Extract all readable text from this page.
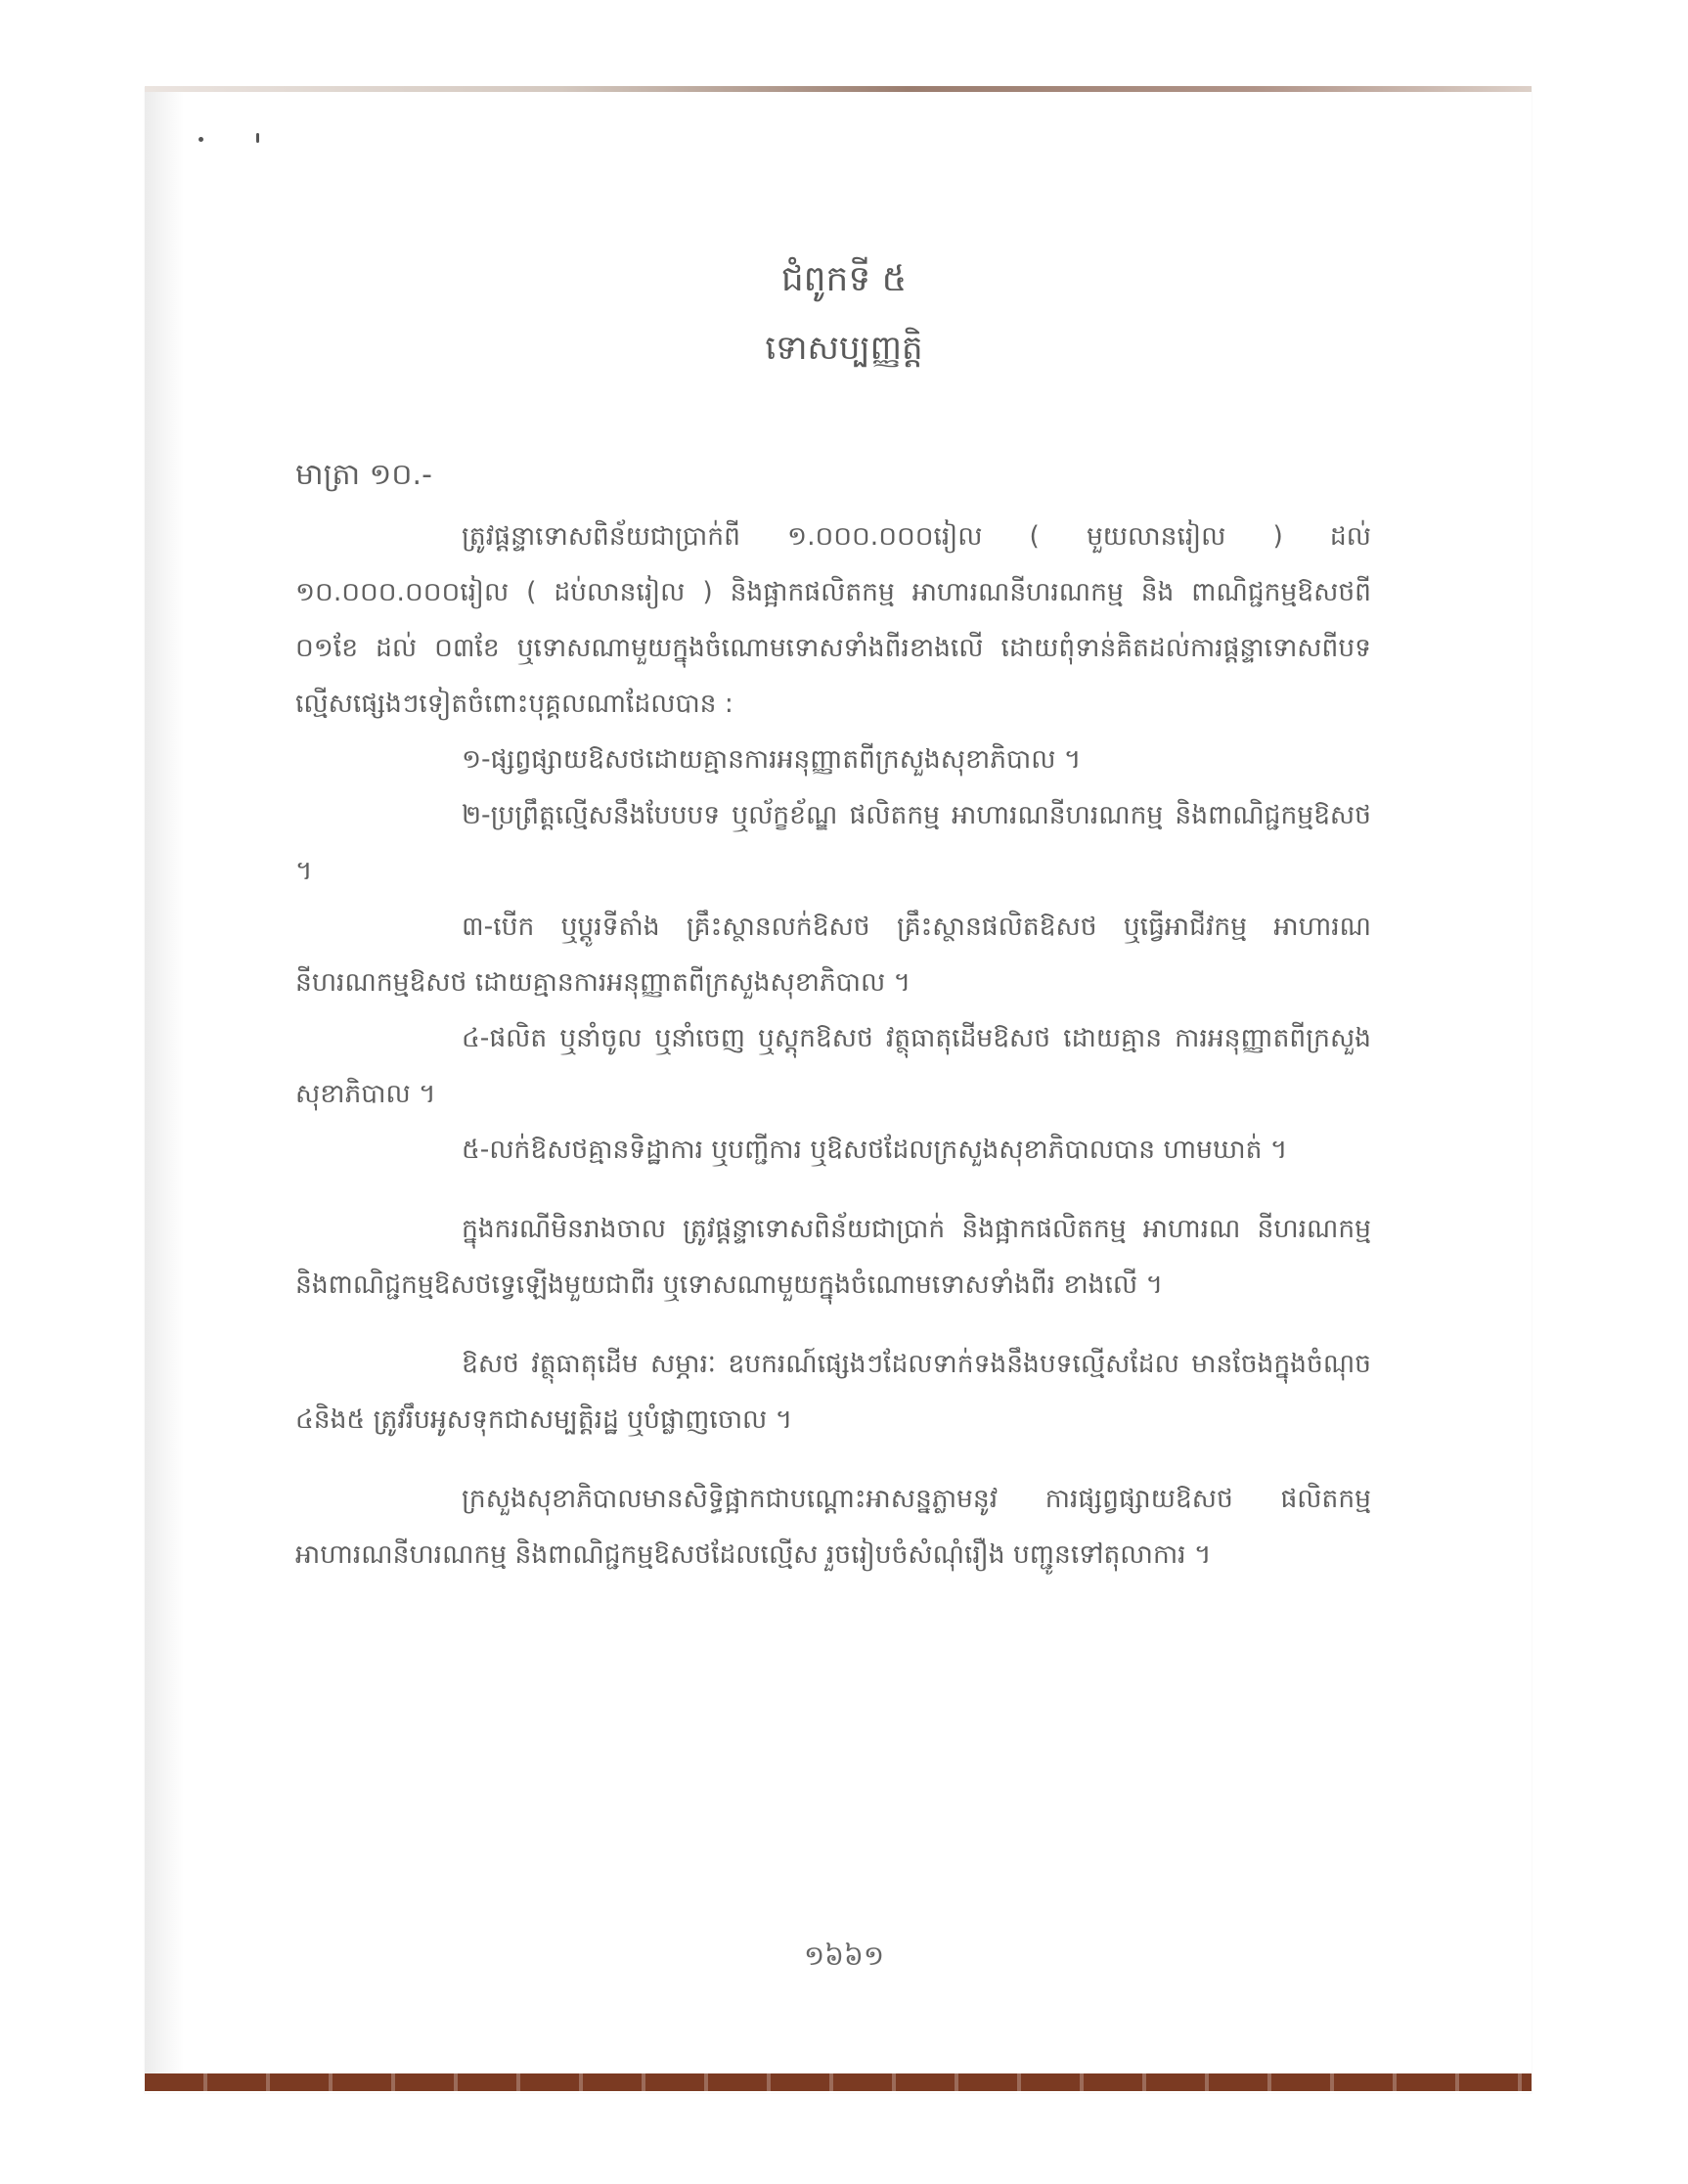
ជំពូកទី ៥
ទោសប្បញ្ញត្តិ
មាត្រា ១០.-

ត្រូវផ្តន្ទាទោសពិន័យជាប្រាក់ពី ១.០០០.០០០រៀល ( មួយលានរៀល ) ដល់ ១០.០០០.០០០រៀល ( ដប់លានរៀល ) និងផ្អាកផលិតកម្ម អាហារណនីហរណកម្ម និង ពាណិជ្ជកម្មឱសថពី ០១ខែ ដល់ ០៣ខែ ឬទោសណាមួយក្នុងចំណោមទោសទាំងពីរខាងលើ ដោយពុំទាន់គិតដល់ការផ្តន្ទាទោសពីបទល្មើសផ្សេងៗទៀតចំពោះបុគ្គលណាដែលបាន :

១-ផ្សព្វផ្សាយឱសថដោយគ្មានការអនុញ្ញាតពីក្រសួងសុខាភិបាល ។

២-ប្រព្រឹត្តល្មើសនឹងបែបបទ ឬល័ក្ខខ័ណ្ឌ ផលិតកម្ម អាហារណនីហរណកម្ម និងពាណិជ្ជកម្មឱសថ ។

៣-បើក ឬប្តូរទីតាំង គ្រឹះស្ថានលក់ឱសថ គ្រឹះស្ថានផលិតឱសថ ឬធ្វើអាជីវកម្ម អាហារណនីហរណកម្មឱសថ ដោយគ្មានការអនុញ្ញាតពីក្រសួងសុខាភិបាល ។

៤-ផលិត ឬនាំចូល ឬនាំចេញ ឬស្តុកឱសថ វត្ថុធាតុដើមឱសថ ដោយគ្មាន ការអនុញ្ញាតពីក្រសួងសុខាភិបាល ។

៥-លក់ឱសថគ្មានទិដ្ឋាការ ឬបញ្ជីការ ឬឱសថដែលក្រសួងសុខាភិបាលបាន ហាមឃាត់ ។

ក្នុងករណីមិនរាងចាល ត្រូវផ្តន្ទាទោសពិន័យជាប្រាក់ និងផ្អាកផលិតកម្ម អាហារណ នីហរណកម្ម និងពាណិជ្ជកម្មឱសថទ្វេឡើងមួយជាពីរ ឬទោសណាមួយក្នុងចំណោមទោសទាំងពីរ ខាងលើ ។

ឱសថ វត្ថុធាតុដើម សម្ភារៈ ឧបករណ៍ផ្សេងៗដែលទាក់ទងនឹងបទល្មើសដែល មានចែងក្នុងចំណុច ៤និង៥ ត្រូវរឹបអូសទុកជាសម្បត្តិរដ្ឋ ឬបំផ្លាញចោល ។

ក្រសួងសុខាភិបាលមានសិទ្ធិផ្អាកជាបណ្តោះអាសន្នភ្លាមនូវ ការផ្សព្វផ្សាយឱសថ ផលិតកម្ម អាហារណនីហរណកម្ម និងពាណិជ្ជកម្មឱសថដែលល្មើស រួចរៀបចំសំណុំរឿង បញ្ជូនទៅតុលាការ ។

១៦៦១
